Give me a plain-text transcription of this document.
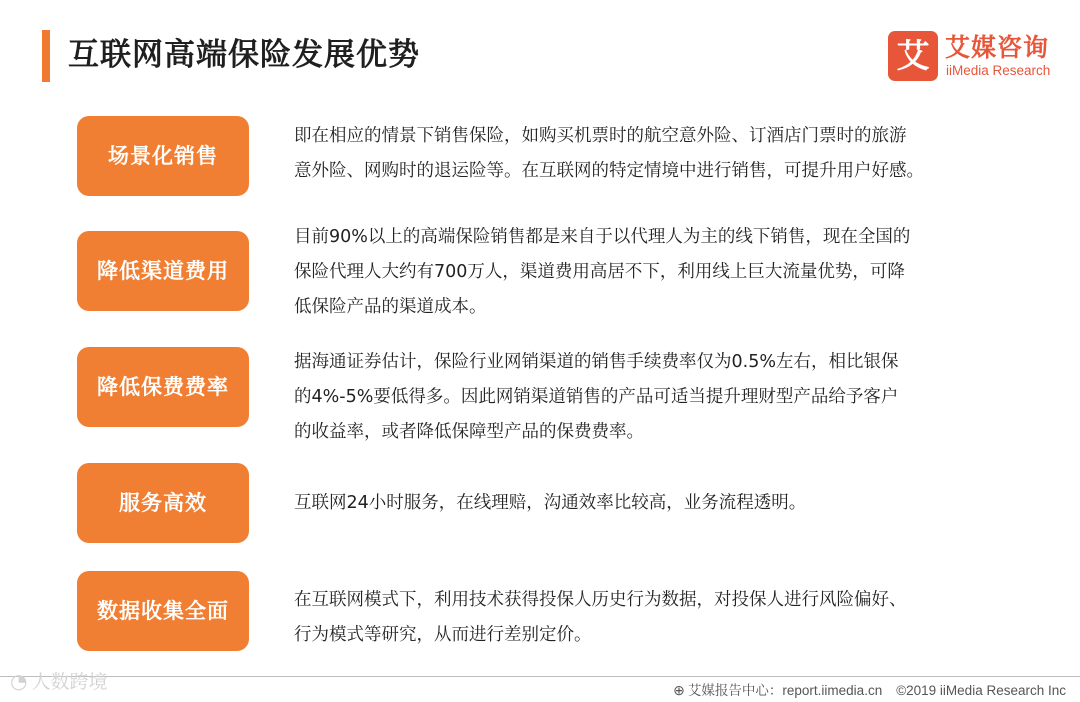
互联网高端保险发展优势	艾 艾媒咨询
iiMedia Research
场景化销售
即在相应的情景下销售保险，如购买机票时的航空意外险、订酒店门票时的旅游
意外险、网购时的退运险等。在互联网的特定情境中进行销售，可提升用户好感。
降低渠道费用
目前90%以上的高端保险销售都是来自于以代理人为主的线下销售，现在全国的
保险代理人大约有700万人，渠道费用高居不下，利用线上巨大流量优势，可降
低保险产品的渠道成本。
降低保费费率
据海通证券估计，保险行业网销渠道的销售手续费率仅为0.5%左右，相比银保
的4%-5%要低得多。因此网销渠道销售的产品可适当提升理财型产品给予客户
的收益率，或者降低保障型产品的保费费率。
服务高效	互联网24小时服务，在线理赔，沟通效率比较高，业务流程透明。
数据收集全面	在互联网模式下，利用技术获得投保人历史行为数据，对投保人进行风险偏好、
行为模式等研究，从而进行差别定价。
◔ 人数跨境	⊕ 艾媒报告中心：report.iimedia.cn ©2019 iiMedia Research Inc
